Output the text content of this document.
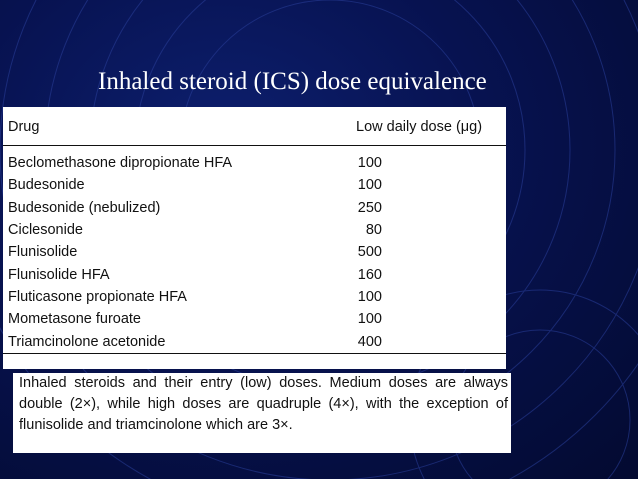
Inhaled steroid (ICS) dose equivalence
Drug	Low daily dose (μg)

Beclomethasone dipropionate HFA	100
Budesonide	100
Budesonide (nebulized)	250
Ciclesonide	80
Flunisolide	500
Flunisolide HFA	160
Fluticasone propionate HFA	100
Mometasone furoate	100
Triamcinolone acetonide	400
Inhaled steroids and their entry (low) doses. Medium doses are always double (2×), while high doses are quadruple (4×), with the exception of flunisolide and triamcinolone which are 3×.
